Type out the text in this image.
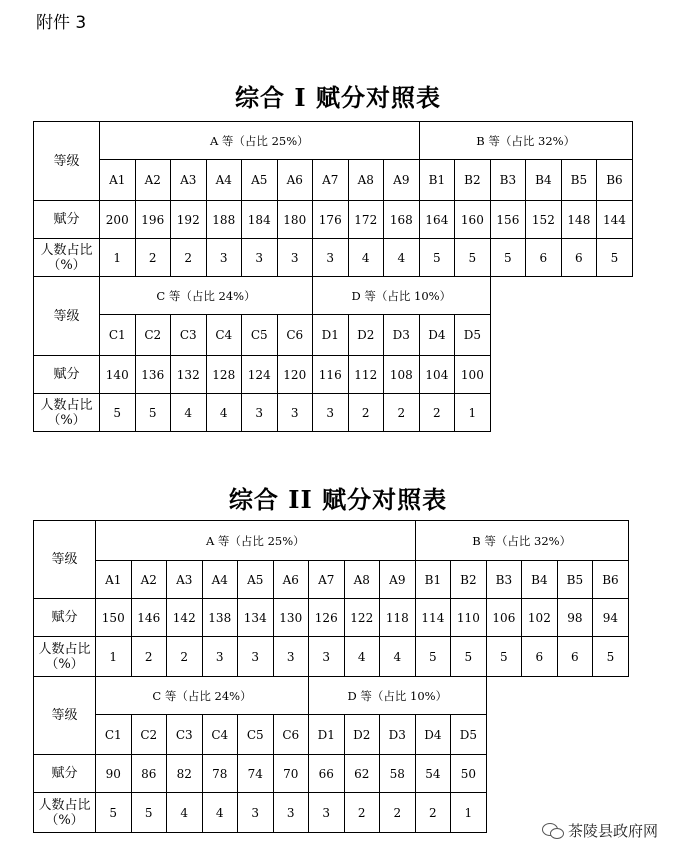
附件 3
综合 I 赋分对照表
等级	A 等（占比 25%）									B 等（占比 32%）					
	A1	A2	A3	A4	A5	A6	A7	A8	A9	B1	B2	B3	B4	B5	B6
赋分	200	196	192	188	184	180	176	172	168	164	160	156	152	148	144
人数占比（%）	1	2	2	3	3	3	3	4	4	5	5	5	6	6	5
等级	C 等（占比 24%）						D 等（占比 10%）								
	C1	C2	C3	C4	C5	C6	D1	D2	D3	D4	D5				
赋分	140	136	132	128	124	120	116	112	108	104	100				
人数占比（%）	5	5	4	4	3	3	3	2	2	2	1				
综合 II 赋分对照表
等级	A 等（占比 25%）									B 等（占比 32%）					
	A1	A2	A3	A4	A5	A6	A7	A8	A9	B1	B2	B3	B4	B5	B6
赋分	150	146	142	138	134	130	126	122	118	114	110	106	102	98	94
人数占比（%）	1	2	2	3	3	3	3	4	4	5	5	5	6	6	5
等级	C 等（占比 24%）						D 等（占比 10%）								
	C1	C2	C3	C4	C5	C6	D1	D2	D3	D4	D5				
赋分	90	86	82	78	74	70	66	62	58	54	50				
人数占比（%）	5	5	4	4	3	3	3	2	2	2	1				
茶陵县政府网
